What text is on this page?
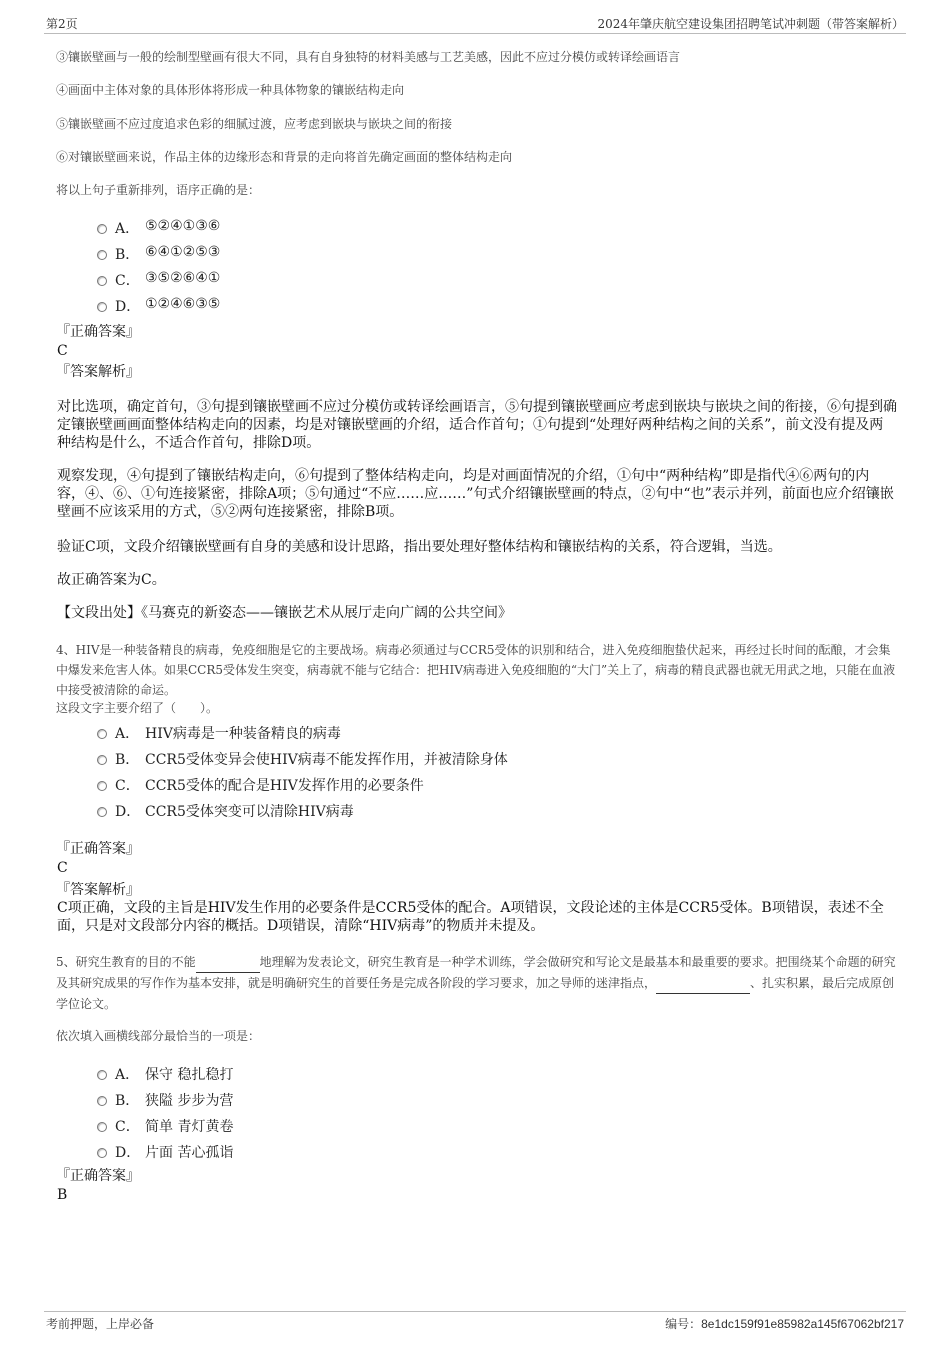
第2页	2024年肇庆航空建设集团招聘笔试冲刺题（带答案解析）
③镶嵌壁画与一般的绘制型壁画有很大不同，具有自身独特的材料美感与工艺美感，因此不应过分模仿或转译绘画语言
④画面中主体对象的具体形体将形成一种具体物象的镶嵌结构走向
⑤镶嵌壁画不应过度追求色彩的细腻过渡，应考虑到嵌块与嵌块之间的衔接
⑥对镶嵌壁画来说，作品主体的边缘形态和背景的走向将首先确定画面的整体结构走向
将以上句子重新排列，语序正确的是：
A． ⑤②④①③⑥
B． ⑥④①②⑤③
C． ③⑤②⑥④①
D． ①②④⑥③⑤
『正确答案』
C
『答案解析』
对比选项，确定首句，③句提到镶嵌壁画不应过分模仿或转译绘画语言，⑤句提到镶嵌壁画应考虑到嵌块与嵌块之间的衔接，⑥句提到确定镶嵌壁画画面整体结构走向的因素，均是对镶嵌壁画的介绍，适合作首句；①句提到“处理好两种结构之间的关系”，前文没有提及两种结构是什么，不适合作首句，排除D项。
观察发现，④句提到了镶嵌结构走向，⑥句提到了整体结构走向，均是对画面情况的介绍，①句中“两种结构”即是指代④⑥两句的内容，④、⑥、①句连接紧密，排除A项；⑤句通过“不应……应……”句式介绍镶嵌壁画的特点，②句中“也”表示并列，前面也应介绍镶嵌壁画不应该采用的方式，⑤②两句连接紧密，排除B项。
验证C项，文段介绍镶嵌壁画有自身的美感和设计思路，指出要处理好整体结构和镶嵌结构的关系，符合逻辑，当选。
故正确答案为C。
【文段出处】《马赛克的新姿态——镶嵌艺术从展厅走向广阔的公共空间》
4、HIV是一种装备精良的病毒，免疫细胞是它的主要战场。病毒必须通过与CCR5受体的识别和结合，进入免疫细胞蛰伏起来，再经过长时间的酝酿，才会集中爆发来危害人体。如果CCR5受体发生突变，病毒就不能与它结合：把HIV病毒进入免疫细胞的“大门”关上了，病毒的精良武器也就无用武之地，只能在血液中接受被清除的命运。
这段文字主要介绍了（　　）。
A． HIV病毒是一种装备精良的病毒
B． CCR5受体变异会使HIV病毒不能发挥作用，并被清除身体
C． CCR5受体的配合是HIV发挥作用的必要条件
D． CCR5受体突变可以清除HIV病毒
『正确答案』
C
『答案解析』
C项正确，文段的主旨是HIV发生作用的必要条件是CCR5受体的配合。A项错误，文段论述的主体是CCR5受体。B项错误，表述不全面，只是对文段部分内容的概括。D项错误，清除“HIV病毒”的物质并未提及。
5、研究生教育的目的不能	地理解为发表论文，研究生教育是一种学术训练，学会做研究和写论文是最基本和最重要的要求。把围绕某个命题的研究及其研究成果的写作作为基本安排，就是明确研究生的首要任务是完成各阶段的学习要求，加之导师的迷津指点，	、扎实积累，最后完成原创学位论文。
依次填入画横线部分最恰当的一项是：
A． 保守 稳扎稳打
B． 狭隘 步步为营
C． 简单 青灯黄卷
D． 片面 苦心孤诣
『正确答案』
B
考前押题，上岸必备	编号：8e1dc159f91e85982a145f67062bf217
